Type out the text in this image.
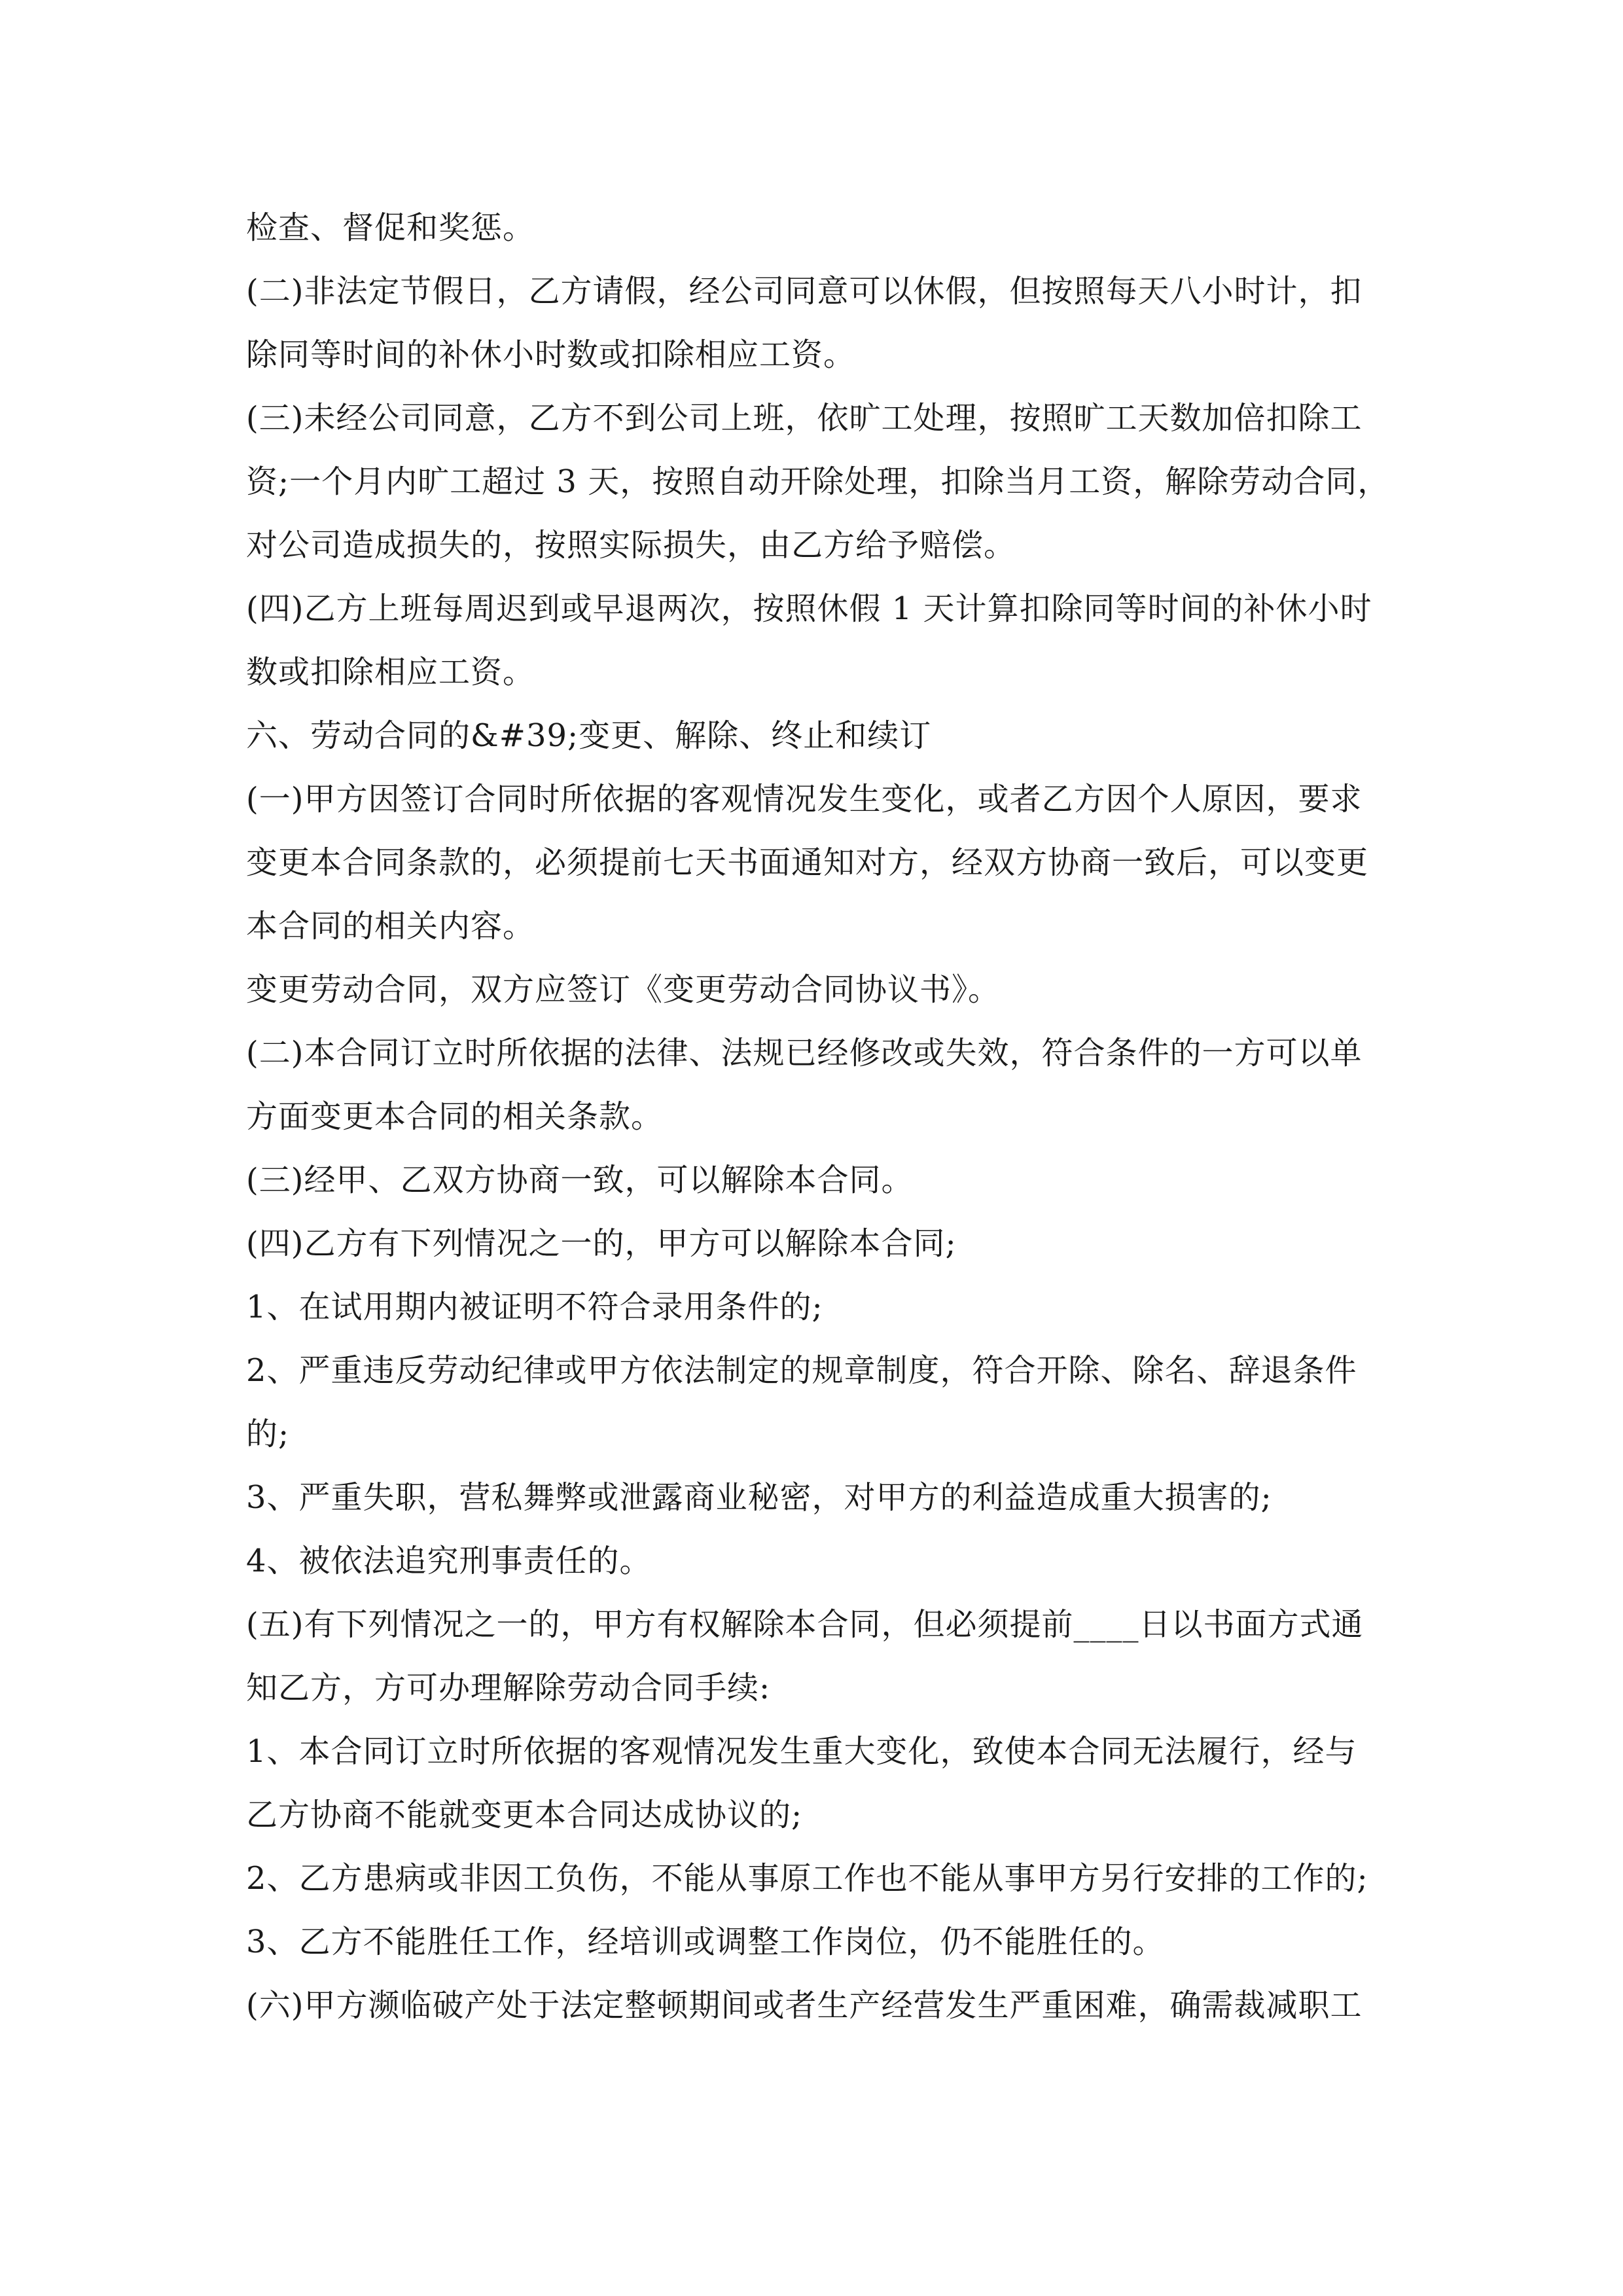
检查、督促和奖惩。
(二)非法定节假日，乙方请假，经公司同意可以休假，但按照每天八小时计，扣
除同等时间的补休小时数或扣除相应工资。
(三)未经公司同意，乙方不到公司上班，依旷工处理，按照旷工天数加倍扣除工
资;一个月内旷工超过 3 天，按照自动开除处理，扣除当月工资，解除劳动合同，
对公司造成损失的，按照实际损失，由乙方给予赔偿。
(四)乙方上班每周迟到或早退两次，按照休假 1 天计算扣除同等时间的补休小时
数或扣除相应工资。
六、劳动合同的&#39;变更、解除、终止和续订
(一)甲方因签订合同时所依据的客观情况发生变化，或者乙方因个人原因，要求
变更本合同条款的，必须提前七天书面通知对方，经双方协商一致后，可以变更
本合同的相关内容。
变更劳动合同，双方应签订《变更劳动合同协议书》。
(二)本合同订立时所依据的法律、法规已经修改或失效，符合条件的一方可以单
方面变更本合同的相关条款。
(三)经甲、乙双方协商一致，可以解除本合同。
(四)乙方有下列情况之一的，甲方可以解除本合同;
1、在试用期内被证明不符合录用条件的;
2、严重违反劳动纪律或甲方依法制定的规章制度，符合开除、除名、辞退条件
的;
3、严重失职，营私舞弊或泄露商业秘密，对甲方的利益造成重大损害的;
4、被依法追究刑事责任的。
(五)有下列情况之一的，甲方有权解除本合同，但必须提前____日以书面方式通
知乙方，方可办理解除劳动合同手续:
1、本合同订立时所依据的客观情况发生重大变化，致使本合同无法履行，经与
乙方协商不能就变更本合同达成协议的;
2、乙方患病或非因工负伤，不能从事原工作也不能从事甲方另行安排的工作的;
3、乙方不能胜任工作，经培训或调整工作岗位，仍不能胜任的。
(六)甲方濒临破产处于法定整顿期间或者生产经营发生严重困难，确需裁减职工
